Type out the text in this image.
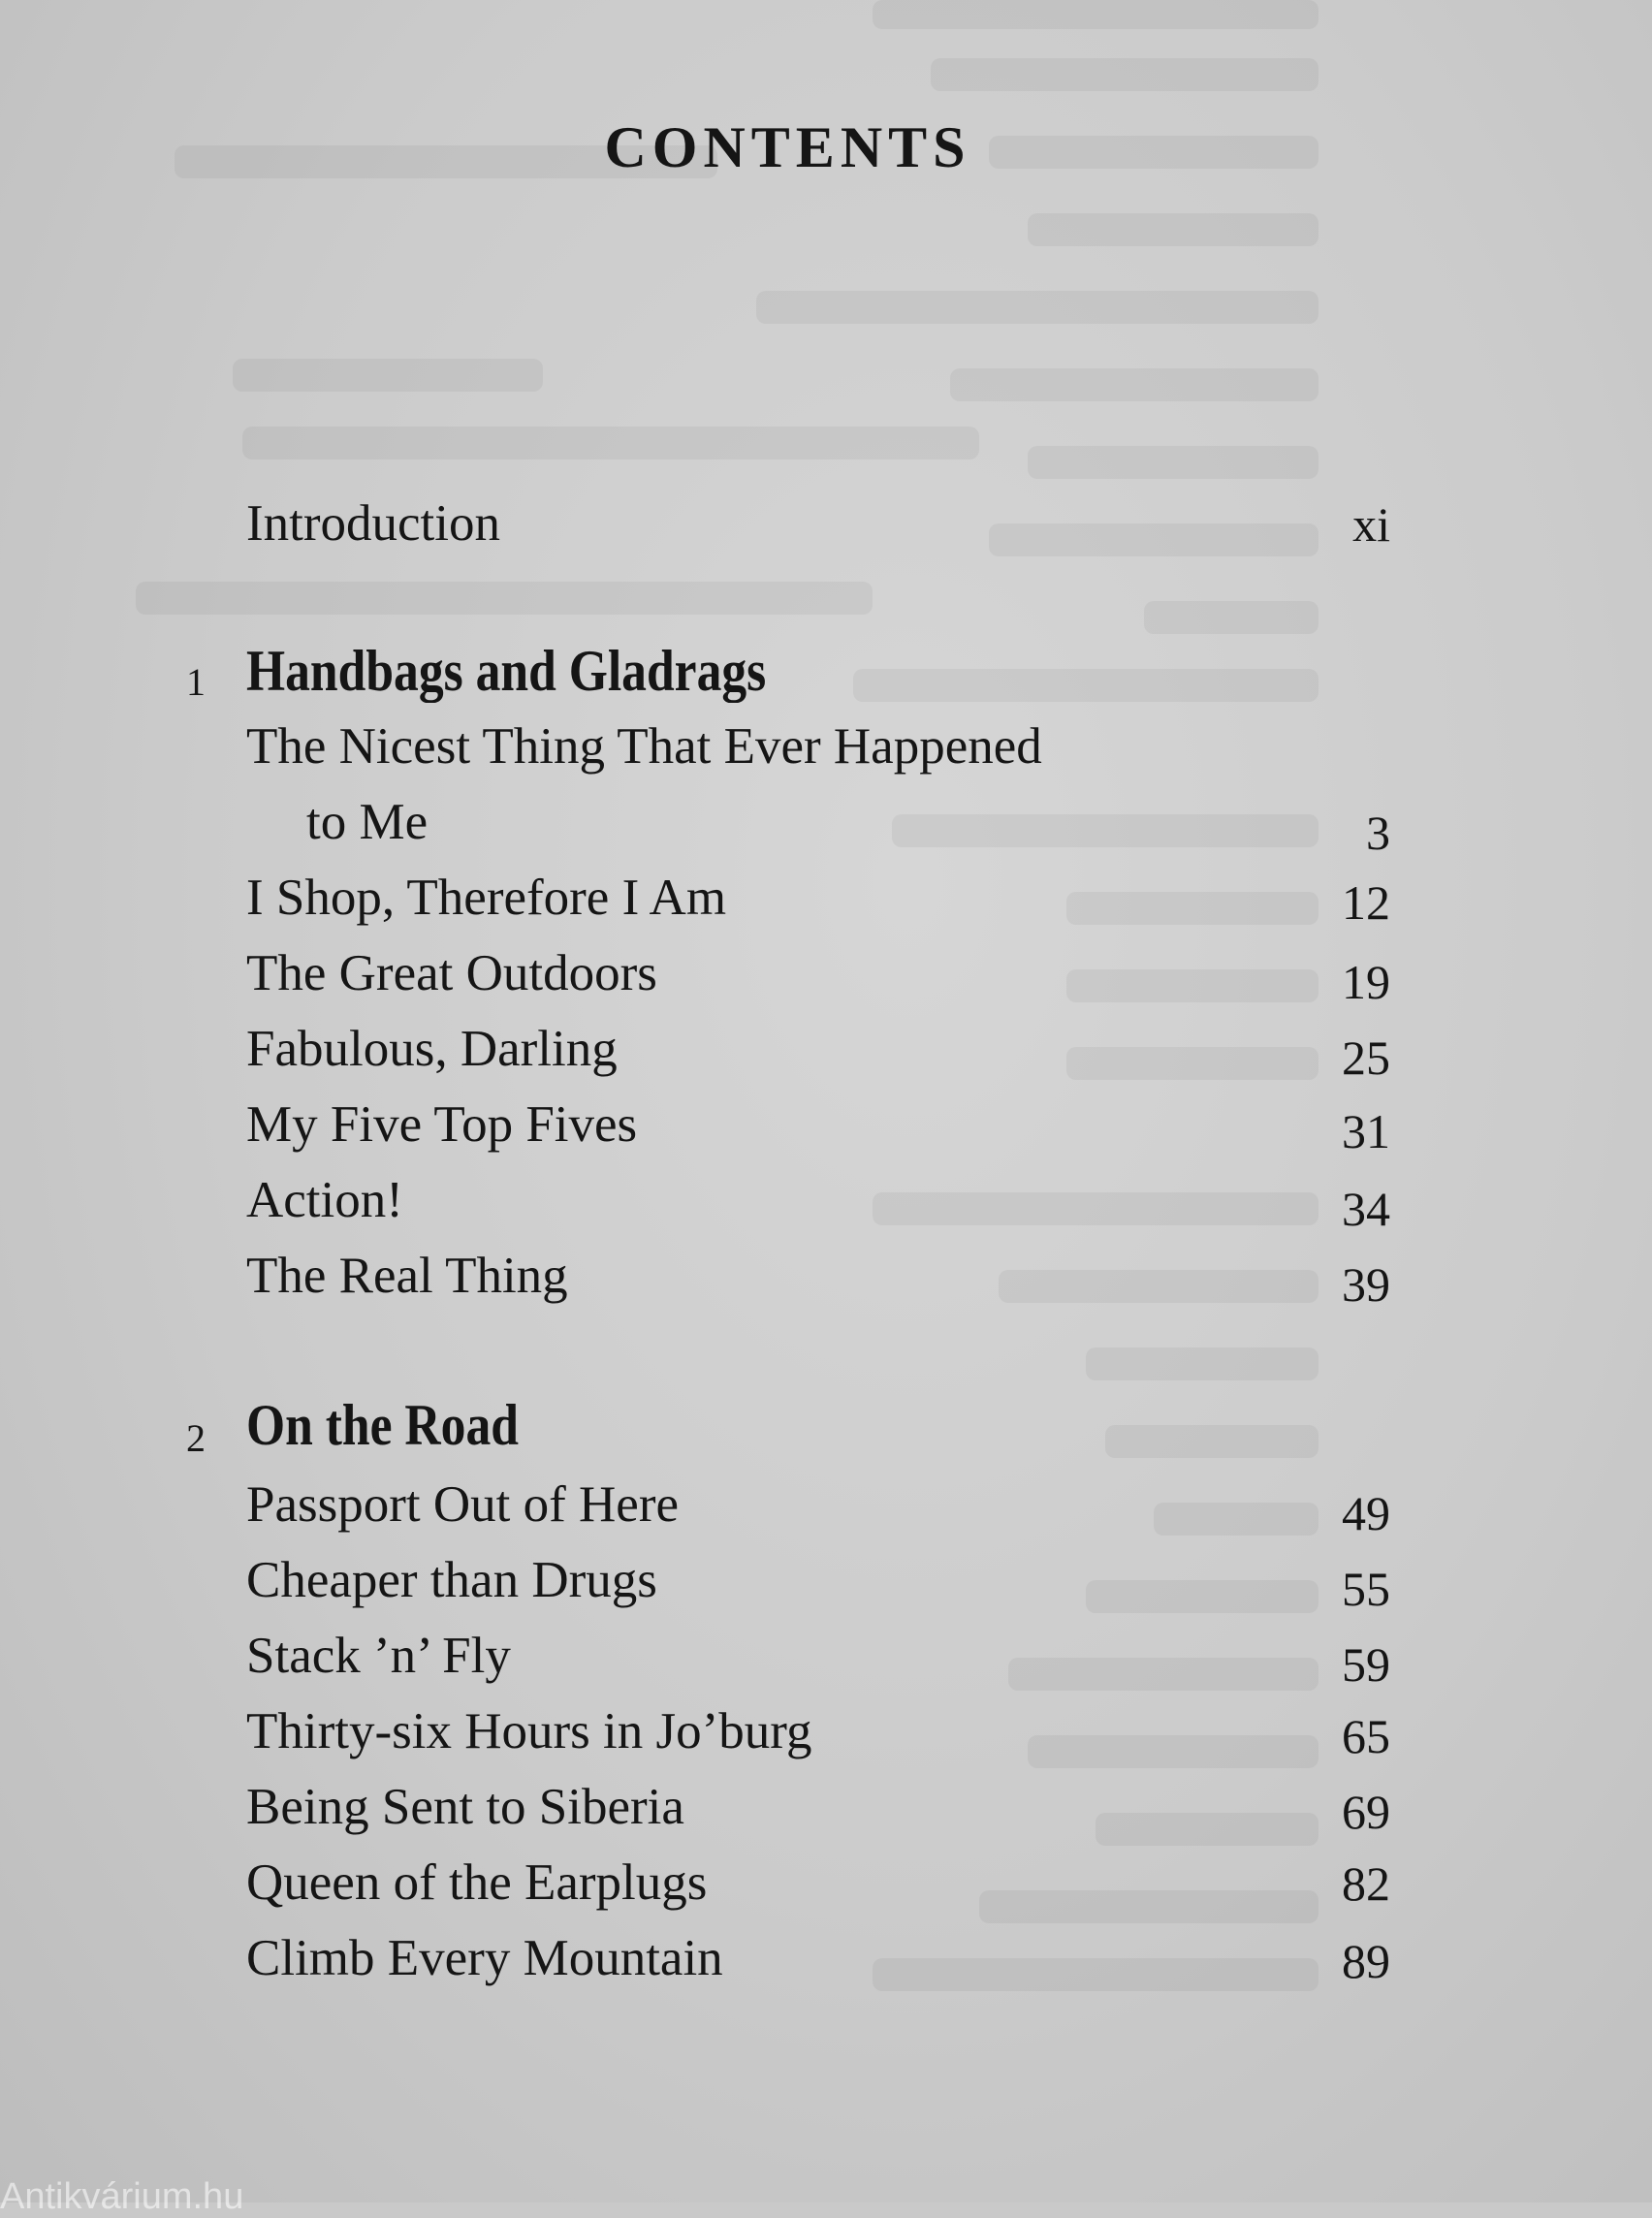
CONTENTS
Introduction	xi
1 Handbags and Gladrags
The Nicest Thing That Ever Happened
to Me	3
I Shop, Therefore I Am	12
The Great Outdoors	19
Fabulous, Darling	25
My Five Top Fives	31
Action!	34
The Real Thing	39
2 On the Road
Passport Out of Here	49
Cheaper than Drugs	55
Stack ’n’ Fly	59
Thirty-six Hours in Jo’burg	65
Being Sent to Siberia	69
Queen of the Earplugs	82
Climb Every Mountain	89
Antikvárium.hu
